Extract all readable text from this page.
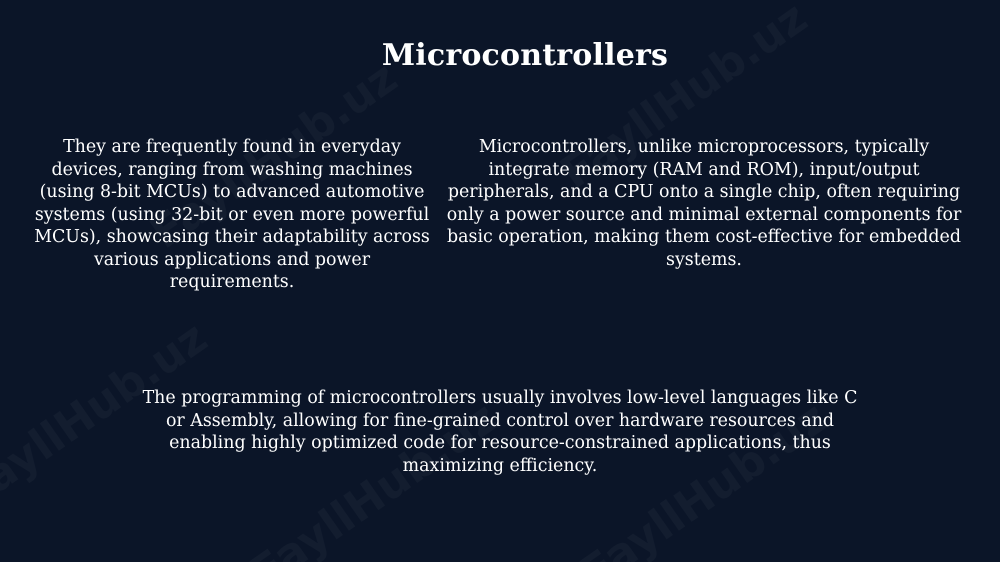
Microcontrollers
They are frequently found in everyday devices, ranging from washing machines (using 8-bit MCUs) to advanced automotive systems (using 32-bit or even more powerful MCUs), showcasing their adaptability across various applications and power requirements.
Microcontrollers, unlike microprocessors, typically integrate memory (RAM and ROM), input/output peripherals, and a CPU onto a single chip, often requiring only a power source and minimal external components for basic operation, making them cost-effective for embedded systems.
The programming of microcontrollers usually involves low-level languages like C or Assembly, allowing for fine-grained control over hardware resources and enabling highly optimized code for resource-constrained applications, thus maximizing efficiency.
